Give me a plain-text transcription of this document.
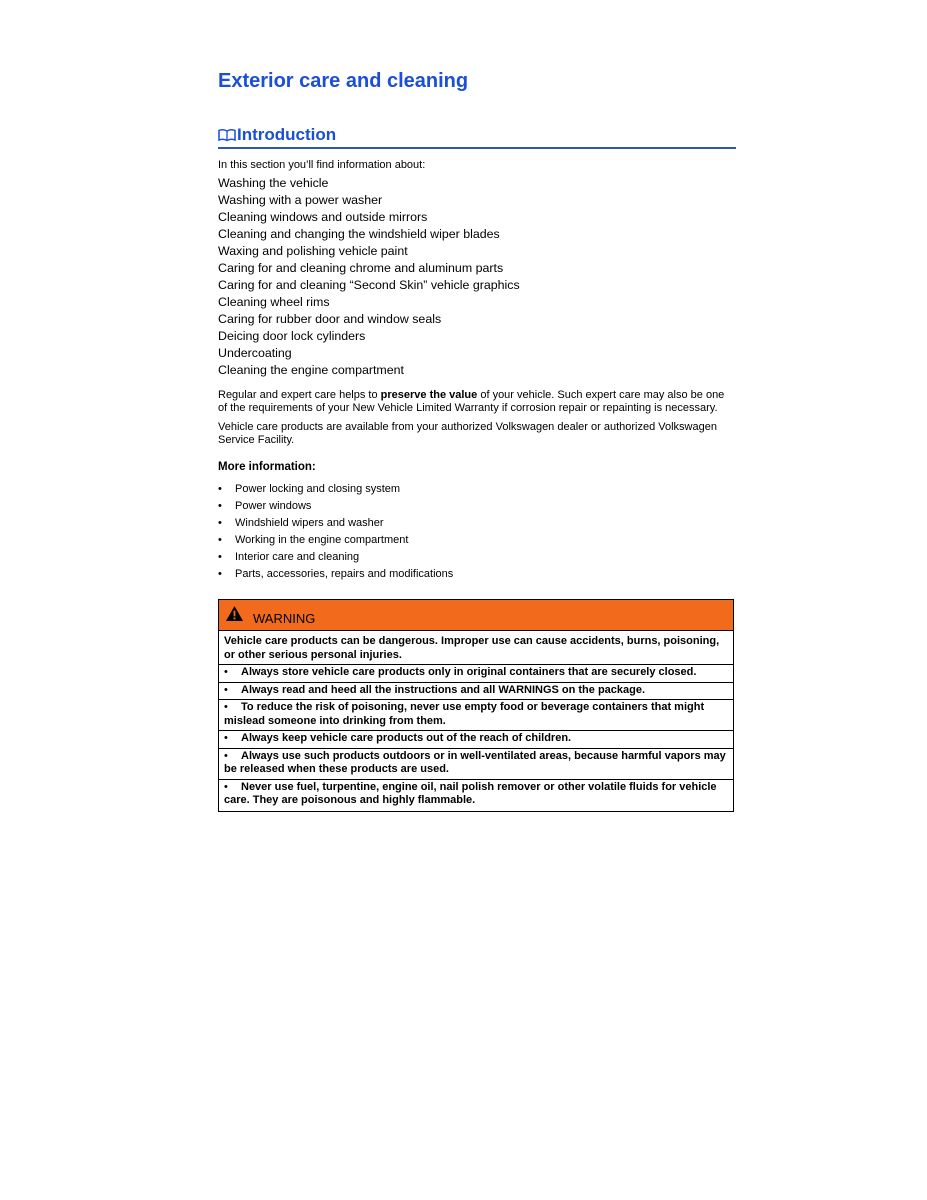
Exterior care and cleaning
Introduction
In this section you’ll find information about:
Washing the vehicle
Washing with a power washer
Cleaning windows and outside mirrors
Cleaning and changing the windshield wiper blades
Waxing and polishing vehicle paint
Caring for and cleaning chrome and aluminum parts
Caring for and cleaning “Second Skin” vehicle graphics
Cleaning wheel rims
Caring for rubber door and window seals
Deicing door lock cylinders
Undercoating
Cleaning the engine compartment

Regular and expert care helps to preserve the value of your vehicle. Such expert care may also be one of the requirements of your New Vehicle Limited Warranty if corrosion repair or repainting is necessary.

Vehicle care products are available from your authorized Volkswagen dealer or authorized Volkswagen Service Facility.

More information:
• Power locking and closing system
• Power windows
• Windshield wipers and washer
• Working in the engine compartment
• Interior care and cleaning
• Parts, accessories, repairs and modifications
WARNING
Vehicle care products can be dangerous. Improper use can cause accidents, burns, poisoning, or other serious personal injuries.
• Always store vehicle care products only in original containers that are securely closed.
• Always read and heed all the instructions and all WARNINGS on the package.
• To reduce the risk of poisoning, never use empty food or beverage containers that might mislead someone into drinking from them.
• Always keep vehicle care products out of the reach of children.
• Always use such products outdoors or in well-ventilated areas, because harmful vapors may be released when these products are used.
• Never use fuel, turpentine, engine oil, nail polish remover or other volatile fluids for vehicle care. They are poisonous and highly flammable.
